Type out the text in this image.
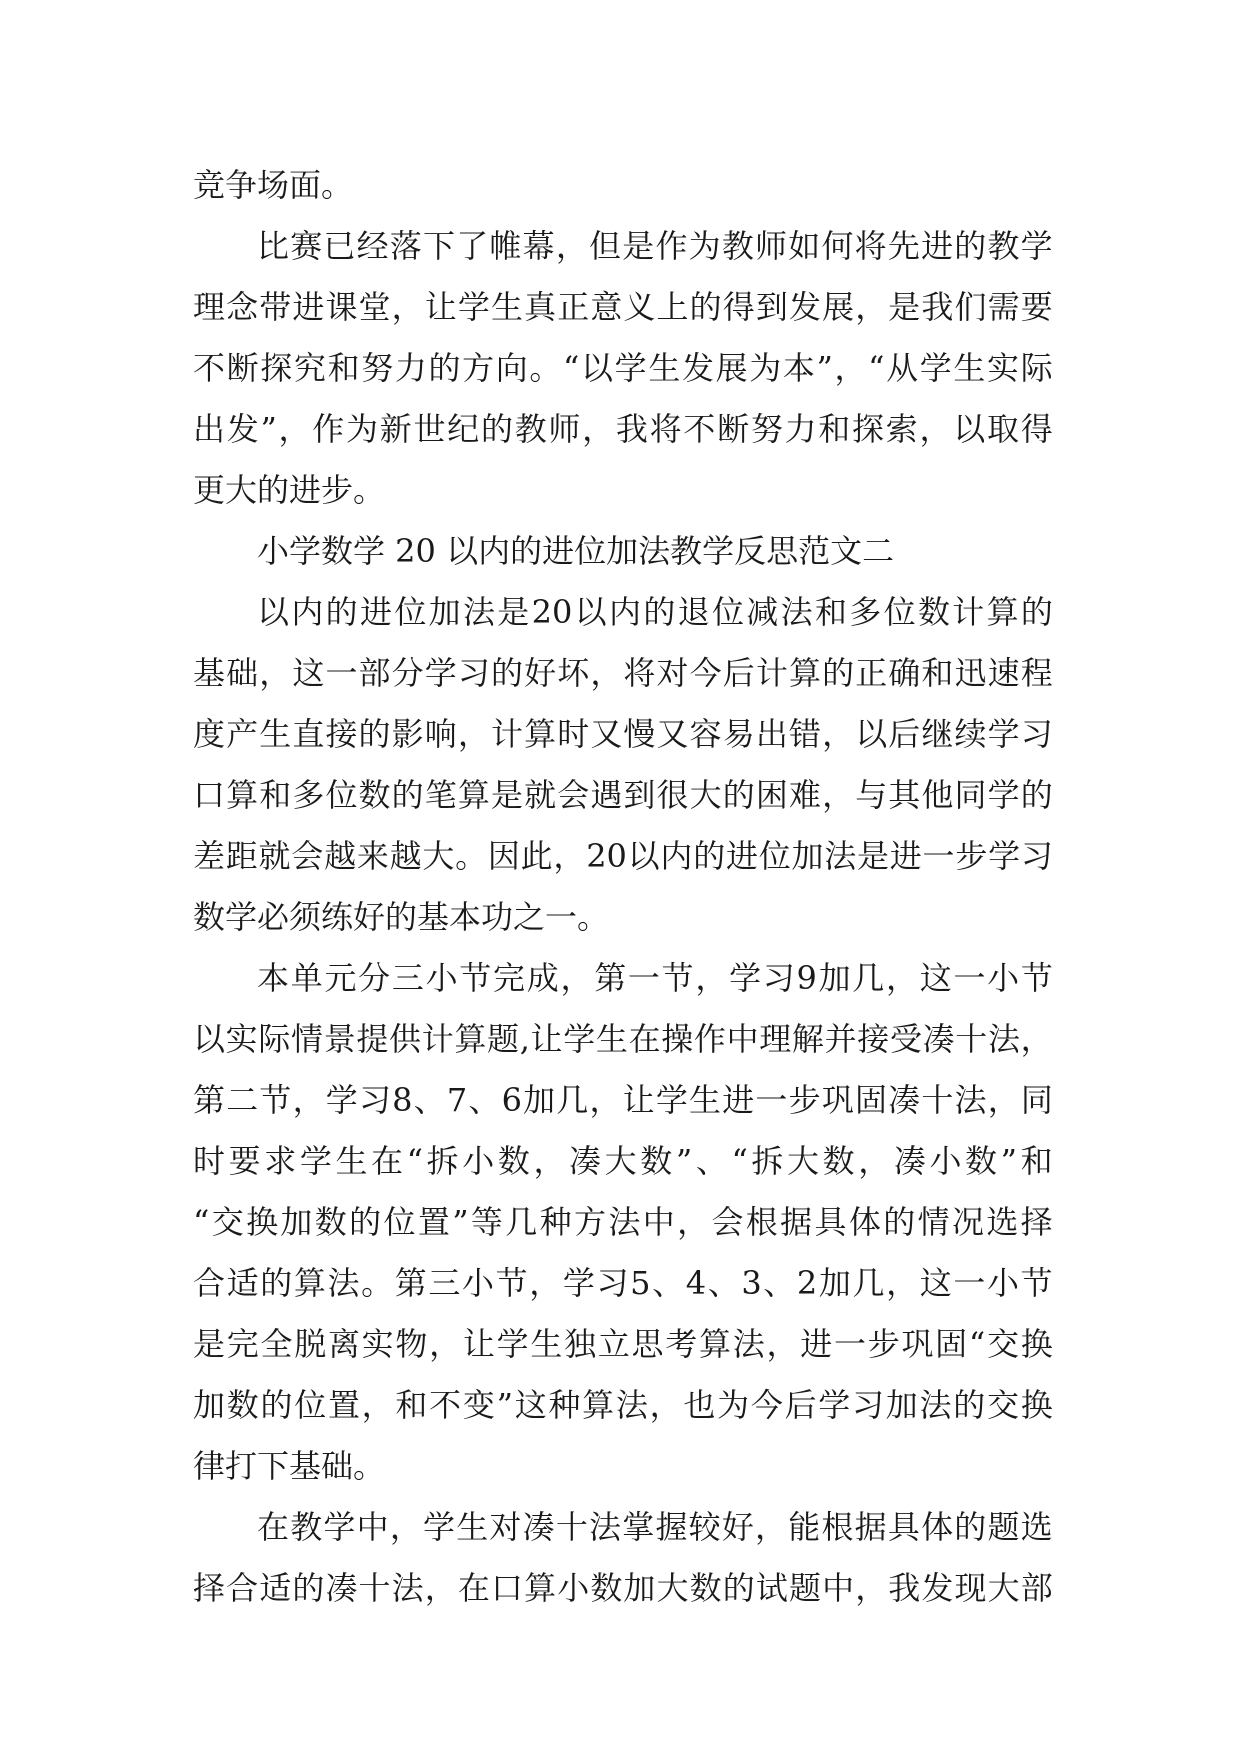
竞争场面。
比 赛 已 经 落 下 了 帷 幕 ， 但 是 作 为 教 师 如 何 将 先 进 的 教 学
理 念 带 进 课 堂 ， 让 学 生 真 正 意 义 上 的 得 到 发 展 ， 是 我 们 需 要
不 断 探 究 和 努 力 的 方 向 。 “ 以 学 生 发 展 为 本 ” ， “ 从 学 生 实 际
出 发 ” ， 作 为 新 世 纪 的 教 师 ， 我 将 不 断 努 力 和 探 索 ， 以 取 得
更大的进步。
小学数学 20 以内的进位加法教学反思范文二
以 内 的 进 位 加 法 是 20 以 内 的 退 位 减 法 和 多 位 数 计 算 的
基 础 ， 这 一 部 分 学 习 的 好 坏 ， 将 对 今 后 计 算 的 正 确 和 迅 速 程
度 产 生 直 接 的 影 响 ， 计 算 时 又 慢 又 容 易 出 错 ， 以 后 继 续 学 习
口 算 和 多 位 数 的 笔 算 是 就 会 遇 到 很 大 的 困 难 ， 与 其 他 同 学 的
差 距 就 会 越 来 越 大 。 因 此 ， 20 以 内 的 进 位 加 法 是 进 一 步 学 习
数学必须练好的基本功之一。
本 单 元 分 三 小 节 完 成 ， 第 一 节 ， 学 习 9 加 几 ， 这 一 小 节
以 实 际 情 景 提 供 计 算 题 , 让 学 生 在 操 作 中 理 解 并 接 受 凑 十 法 ，
第 二 节 ， 学 习 8 、 7 、 6 加 几 ， 让 学 生 进 一 步 巩 固 凑 十 法 ， 同
时 要 求 学 生 在 “ 拆 小 数 ， 凑 大 数 ” 、 “ 拆 大 数 ， 凑 小 数 ” 和
“ 交 换 加 数 的 位 置 ” 等 几 种 方 法 中 ， 会 根 据 具 体 的 情 况 选 择
合 适 的 算 法 。 第 三 小 节 ， 学 习 5 、 4 、 3 、 2 加 几 ， 这 一 小 节
是 完 全 脱 离 实 物 ， 让 学 生 独 立 思 考 算 法 ， 进 一 步 巩 固 “ 交 换
加 数 的 位 置 ， 和 不 变 ” 这 种 算 法 ， 也 为 今 后 学 习 加 法 的 交 换
律打下基础。
在 教 学 中 ， 学 生 对 凑 十 法 掌 握 较 好 ， 能 根 据 具 体 的 题 选
择 合 适 的 凑 十 法 ， 在 口 算 小 数 加 大 数 的 试 题 中 ， 我 发 现 大 部
